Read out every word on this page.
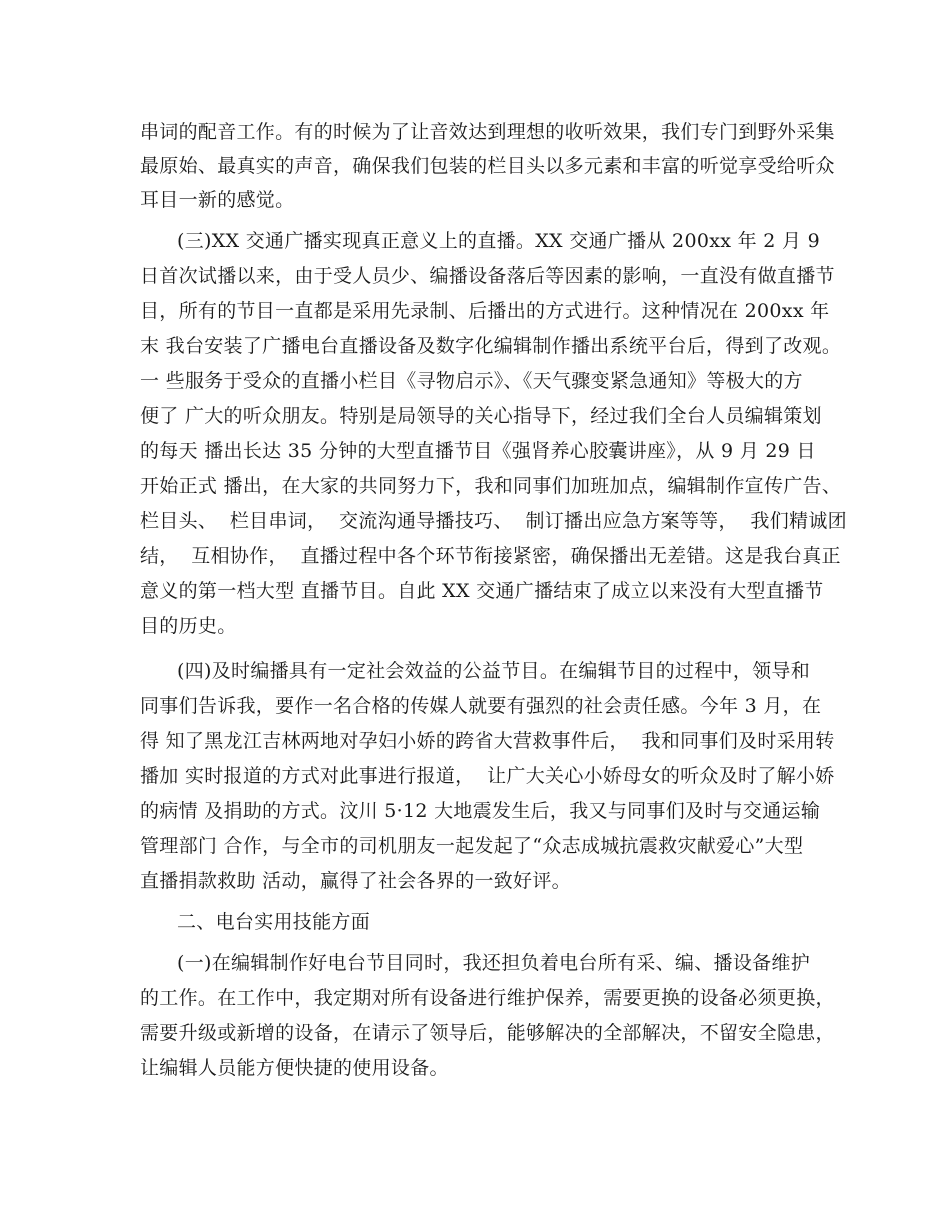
串词的配音工作。有的时候为了让音效达到理想的收听效果，我们专门到野外采集

最原始、最真实的声音，确保我们包装的栏目头以多元素和丰富的听觉享受给听众

耳目一新的感觉。

(三)XX 交通广播实现真正意义上的直播。XX 交通广播从 200xx 年 2 月 9

日首次试播以来，由于受人员少、编播设备落后等因素的影响，一直没有做直播节

目，所有的节目一直都是采用先录制、后播出的方式进行。这种情况在 200xx 年

末 我台安装了广播电台直播设备及数字化编辑制作播出系统平台后，得到了改观。

一 些服务于受众的直播小栏目《寻物启示》、《天气骤变紧急通知》等极大的方

便了 广大的听众朋友。特别是局领导的关心指导下，经过我们全台人员编辑策划

的每天 播出长达 35 分钟的大型直播节目《强肾养心胶囊讲座》，从 9 月 29 日

开始正式 播出，在大家的共同努力下，我和同事们加班加点，编辑制作宣传广告、

栏目头、  栏目串词，  交流沟通导播技巧、  制订播出应急方案等等，  我们精诚团

结，  互相协作，  直播过程中各个环节衔接紧密，确保播出无差错。这是我台真正

意义的第一档大型 直播节目。自此 XX 交通广播结束了成立以来没有大型直播节

目的历史。

(四)及时编播具有一定社会效益的公益节目。在编辑节目的过程中，领导和

同事们告诉我，要作一名合格的传媒人就要有强烈的社会责任感。今年 3 月，在

得 知了黑龙江吉林两地对孕妇小娇的跨省大营救事件后，  我和同事们及时采用转

播加 实时报道的方式对此事进行报道，  让广大关心小娇母女的听众及时了解小娇

的病情 及捐助的方式。汶川 5·12 大地震发生后，我又与同事们及时与交通运输

管理部门 合作，与全市的司机朋友一起发起了“众志成城抗震救灾献爱心”大型

直播捐款救助 活动，赢得了社会各界的一致好评。

二、电台实用技能方面

(一)在编辑制作好电台节目同时，我还担负着电台所有采、编、播设备维护

的工作。在工作中，我定期对所有设备进行维护保养，需要更换的设备必须更换，

需要升级或新增的设备，在请示了领导后，能够解决的全部解决，不留安全隐患，

让编辑人员能方便快捷的使用设备。
